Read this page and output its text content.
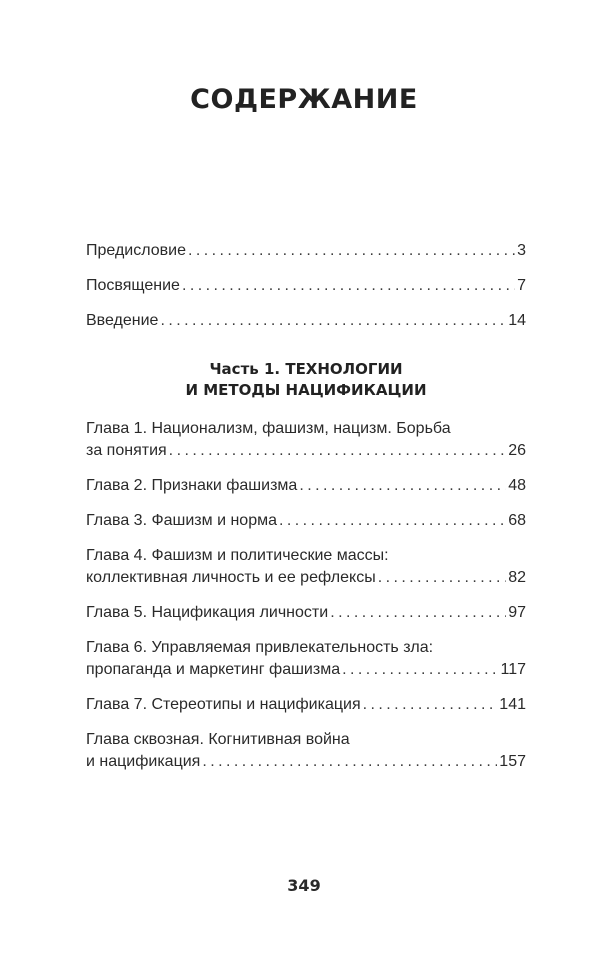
СОДЕРЖАНИЕ
Предисловие . . .	3
Посвящение . . .	7
Введение . . .	14
Часть 1. ТЕХНОЛОГИИ
И МЕТОДЫ НАЦИФИКАЦИИ
Глава 1. Национализм, фашизм, нацизм. Борьба
за понятия . . .	26
Глава 2. Признаки фашизма . . .	48
Глава 3. Фашизм и норма . . .	68
Глава 4. Фашизм и политические массы:
коллективная личность и ее рефлексы . . .	82
Глава 5. Нацификация личности . . .	97
Глава 6. Управляемая привлекательность зла:
пропаганда и маркетинг фашизма . . .	117
Глава 7. Стереотипы и нацификация . . .	141
Глава сквозная. Когнитивная война
и нацификация . . .	157
349
